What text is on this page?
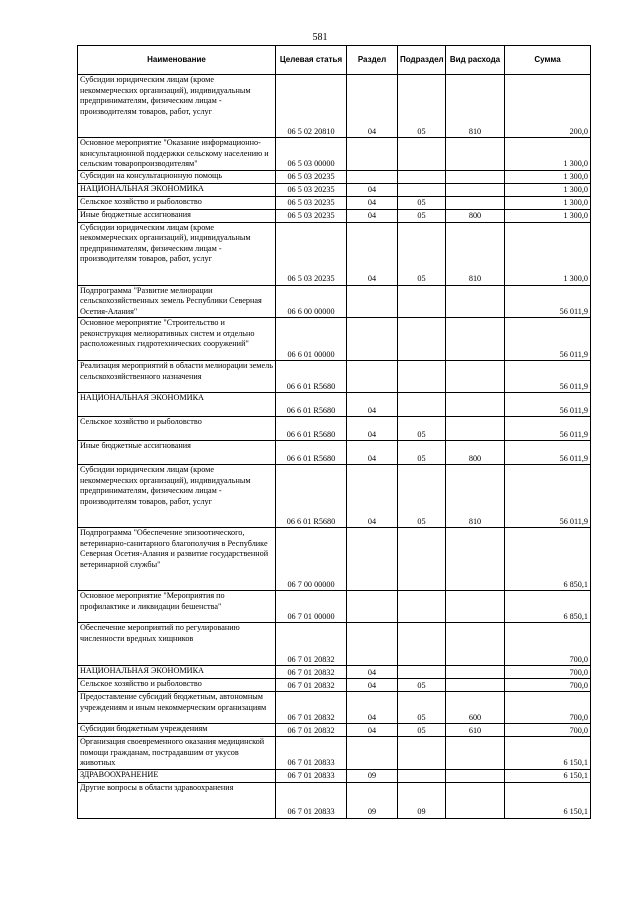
581
Наименование	Целевая статья	Раздел	Подраздел	Вид расхода	Сумма
Субсидии юридическим лицам (кроме некоммерческих организаций), индивидуальным предпринимателям, физическим лицам - производителям товаров, работ, услуг	06 5 02 20810	04	05	810	200,0
Основное мероприятие "Оказание информационно-консультационной поддержки сельскому населению и сельским товаропроизводителям"	06 5 03 00000				1 300,0
Субсидии на консультационную помощь	06 5 03 20235				1 300,0
НАЦИОНАЛЬНАЯ ЭКОНОМИКА	06 5 03 20235	04			1 300,0
Сельское хозяйство и рыболовство	06 5 03 20235	04	05		1 300,0
Иные бюджетные ассигнования	06 5 03 20235	04	05	800	1 300,0
Субсидии юридическим лицам (кроме некоммерческих организаций), индивидуальным предпринимателям, физическим лицам - производителям товаров, работ, услуг	06 5 03 20235	04	05	810	1 300,0
Подпрограмма "Развитие мелиорации сельскохозяйственных земель Республики Северная Осетия-Алания"	06 6 00 00000				56 011,9
Основное мероприятие "Строительство и реконструкция мелиоративных систем и отдельно расположенных гидротехнических сооружений"	06 6 01 00000				56 011,9
Реализация мероприятий в области мелиорации земель сельскохозяйственного назначения	06 6 01 R5680				56 011,9
НАЦИОНАЛЬНАЯ ЭКОНОМИКА	06 6 01 R5680	04			56 011,9
Сельское хозяйство и рыболовство	06 6 01 R5680	04	05		56 011,9
Иные бюджетные ассигнования	06 6 01 R5680	04	05	800	56 011,9
Субсидии юридическим лицам (кроме некоммерческих организаций), индивидуальным предпринимателям, физическим лицам - производителям товаров, работ, услуг	06 6 01 R5680	04	05	810	56 011,9
Подпрограмма "Обеспечение эпизоотического, ветеринарно-санитарного благополучия в Республике Северная Осетия-Алания и развитие государственной ветеринарной службы"	06 7 00 00000				6 850,1
Основное мероприятие "Мероприятия по профилактике и ликвидации бешенства"	06 7 01 00000				6 850,1
Обеспечение мероприятий по регулированию численности вредных хищников	06 7 01 20832				700,0
НАЦИОНАЛЬНАЯ ЭКОНОМИКА	06 7 01 20832	04			700,0
Сельское хозяйство и рыболовство	06 7 01 20832	04	05		700,0
Предоставление субсидий бюджетным, автономным учреждениям и иным некоммерческим организациям	06 7 01 20832	04	05	600	700,0
Субсидии бюджетным учреждениям	06 7 01 20832	04	05	610	700,0
Организация своевременного оказания медицинской помощи гражданам, пострадавшим от укусов животных	06 7 01 20833				6 150,1
ЗДРАВООХРАНЕНИЕ	06 7 01 20833	09			6 150,1
Другие вопросы в области здравоохранения	06 7 01 20833	09	09		6 150,1
